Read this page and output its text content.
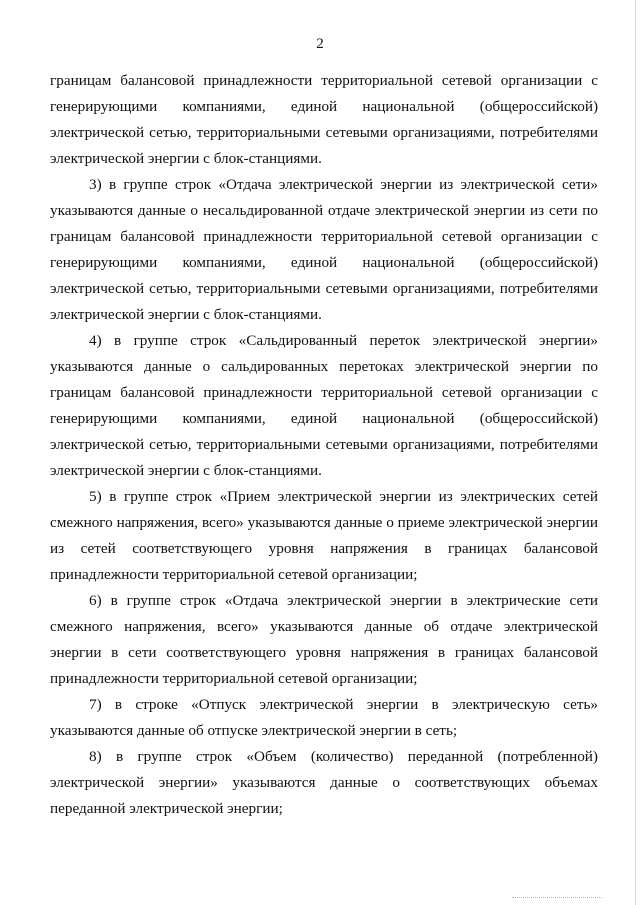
2

границам балансовой принадлежности территориальной сетевой организации с генерирующими компаниями, единой национальной (общероссийской) электрической сетью, территориальными сетевыми организациями, потребителями электрической энергии с блок-станциями.

3) в группе строк «Отдача электрической энергии из электрической сети» указываются данные о несальдированной отдаче электрической энергии из сети по границам балансовой принадлежности территориальной сетевой организации с генерирующими компаниями, единой национальной (общероссийской) электрической сетью, территориальными сетевыми организациями, потребителями электрической энергии с блок-станциями.

4) в группе строк «Сальдированный переток электрической энергии» указываются данные о сальдированных перетоках электрической энергии по границам балансовой принадлежности территориальной сетевой организации с генерирующими компаниями, единой национальной (общероссийской) электрической сетью, территориальными сетевыми организациями, потребителями электрической энергии с блок-станциями.

5) в группе строк «Прием электрической энергии из электрических сетей смежного напряжения, всего» указываются данные о приеме электрической энергии из сетей соответствующего уровня напряжения в границах балансовой принадлежности территориальной сетевой организации;

6) в группе строк «Отдача электрической энергии в электрические сети смежного напряжения, всего» указываются данные об отдаче электрической энергии в сети соответствующего уровня напряжения в границах балансовой принадлежности территориальной сетевой организации;

7) в строке «Отпуск электрической энергии в электрическую сеть» указываются данные об отпуске электрической энергии в сеть;

8) в группе строк «Объем (количество) переданной (потребленной) электрической энергии» указываются данные о соответствующих объемах переданной электрической энергии;
